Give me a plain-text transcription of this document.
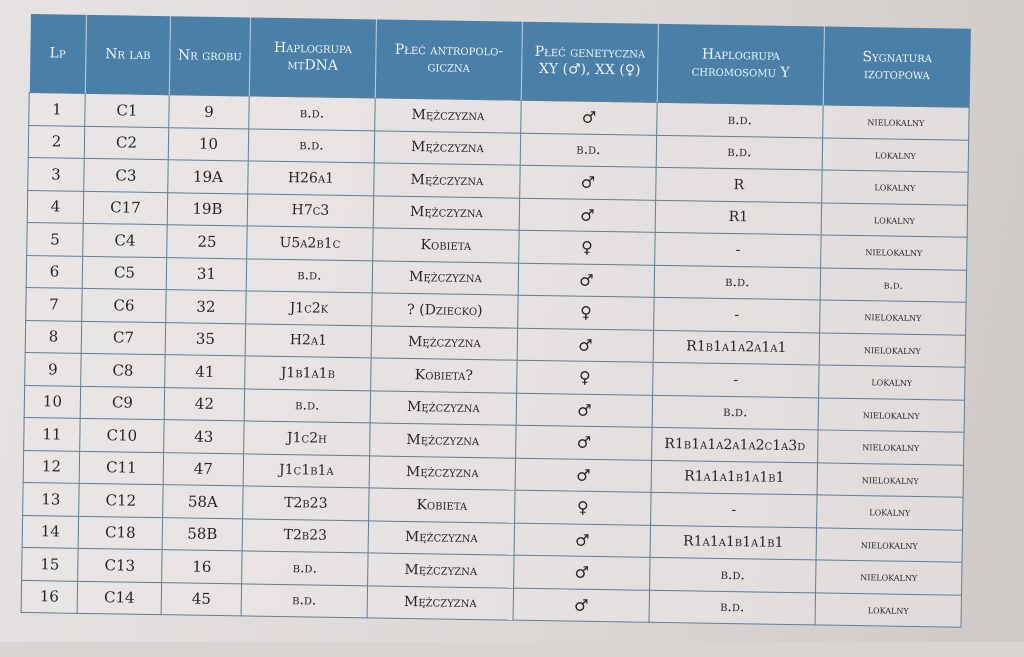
Lp	Nr lab	Nr grobu	Haplogrupa mtDNA	Płeć antropolo-giczna	Płeć genetyczna XY (♂), XX (♀)	Haplogrupa chromosomu Y	Sygnatura izotopowa
1	C1	9	b.d.	Mężczyzna	♂	b.d.	nielokalny
2	C2	10	b.d.	Mężczyzna	b.d.	b.d.	lokalny
3	C3	19A	H26a1	Mężczyzna	♂	R	lokalny
4	C17	19B	H7c3	Mężczyzna	♂	R1	lokalny
5	C4	25	U5a2b1c	Kobieta	♀	-	nielokalny
6	C5	31	b.d.	Mężczyzna	♂	b.d.	b.d.
7	C6	32	J1c2k	? (Dziecko)	♀	-	nielokalny
8	C7	35	H2a1	Mężczyzna	♂	R1b1a1a2a1a1	nielokalny
9	C8	41	J1b1a1b	Kobieta?	♀	-	lokalny
10	C9	42	b.d.	Mężczyzna	♂	b.d.	nielokalny
11	C10	43	J1c2h	Mężczyzna	♂	R1b1a1a2a1a2c1a3d	nielokalny
12	C11	47	J1c1b1a	Mężczyzna	♂	R1a1a1b1a1b1	nielokalny
13	C12	58A	T2b23	Kobieta	♀	-	lokalny
14	C18	58B	T2b23	Mężczyzna	♂	R1a1a1b1a1b1	nielokalny
15	C13	16	b.d.	Mężczyzna	♂	b.d.	nielokalny
16	C14	45	b.d.	Mężczyzna	♂	b.d.	lokalny
